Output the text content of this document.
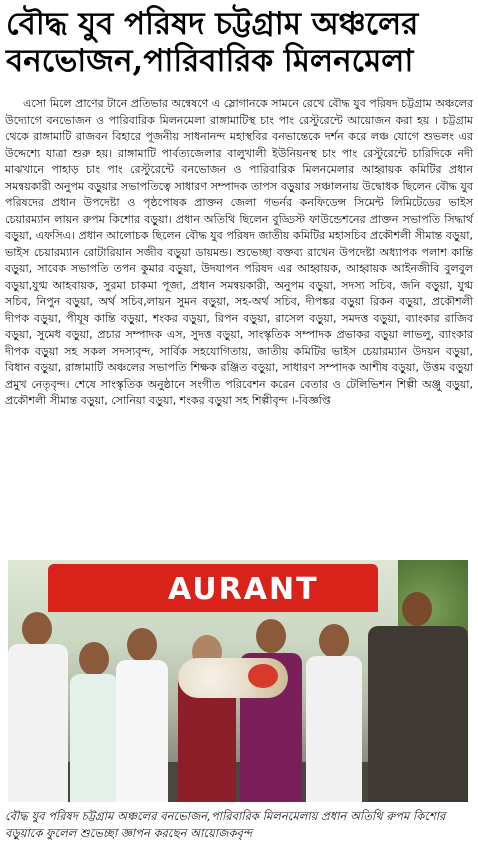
বৌদ্ধ যুব পরিষদ চট্টগ্রাম অঞ্চলের
বনভোজন,পারিবারিক মিলনমেলা

এসো মিলে প্রাণের টানে প্রতিভার অন্বেষণে এ স্লোগানকে সামনে রেখে বৌদ্ধ যুব পরিষদ চট্টগ্রাম অঞ্চলের উদ্যোগে বনভোজন ও পারিবারিক মিলনমেলা রাঙ্গামাটিস্থ চাং পাং রেস্টুরেন্টে আয়োজন করা হয় । চট্টগ্রাম থেকে রাঙ্গামাটি রাজবন বিহারে পূজনীয় সাধনানন্দ মহাস্থবির বনভান্তেকে দর্শন করে লঞ্চ যোগে শুভলং এর উদ্দেশ্যে যাত্রা শুরু হয়। রাঙ্গামাটি পার্বত্যজেলার বালুখালী ইউনিয়নস্থ চাং পাং রেস্টুরেন্টে চারিদিকে নদী মাঝখানে পাহাড় চাং পাং রেস্টুরেন্টে বনভোজন ও পারিবারিক মিলনমেলার আহ্বায়ক কমিটির প্রধান সমন্বয়কারী অনুপম বড়ুয়ার সভাপতিত্বে সাধারণ সম্পাদক তাপস বড়ুয়ার সঞ্চালনায় উদ্বোধক ছিলেন বৌদ্ধ যুব পরিষদের প্রধান উপদেষ্টা ও পৃষ্ঠপোষক প্রাক্তন জেলা গভর্নর কনফিডেন্স সিমেন্ট লিমিটেডের ভাইস চেয়ারম্যান লায়ন রুপম কিশোর বড়ুয়া। প্রধান অতিথি ছিলেন বুড্ডিস্ট ফাউন্ডেশনের প্রাক্তন সভাপতি সিদ্ধার্থ বড়ুয়া, এফসিএ। প্রধান আলোচক ছিলেন বৌদ্ধ যুব পরিষদ জাতীয় কমিটির মহাসচিব প্রকৌশলী সীমান্ত বড়ুয়া, ভাইস চেয়ারম্যান রোটারিয়ান সজীব বড়ুয়া ডায়মন্ড। শুভেচ্ছা বক্তব্য রাখেন উপদেষ্টা অধ্যাপক পলাশ কান্তি বড়ুয়া, সাবেক সভাপতি তপন কুমার বড়ুয়া, উদযাপন পরিষদ এর আহ্বায়ক, আহ্বায়ক আইনজীবি বুলবুল বড়ুয়া,যুগ্ম আহবায়ক, সুরমা চাকমা পূজা, প্রধান সমন্বয়কারী, অনুপম বড়ুয়া, সদস্য সচিব, জনি বড়ুয়া, যুগ্ম সচিব, নিপুন বড়ুয়া, অর্থ সচিব,লায়ন সুমন বড়ুয়া, সহ-অর্থ সচিব, দীপঙ্কর বড়ুয়া রিকন বড়ুয়া, প্রকৌশলী দীপক বড়ুয়া, পীযূষ কান্তি বড়ুয়া, শংকর বড়ুয়া, রিপন বড়ুয়া, রাসেল বড়ুয়া, সমদত্ত বড়ুয়া, ব্যাংকার রাজিব বড়ুয়া, সুমেধ বড়ুয়া, প্রচার সম্পাদক এস, সুদত্ত বড়ুয়া, সাংস্কৃতিক সম্পাদক প্রভাকর বড়ুয়া লাভলু, ব্যাংকার দীপক বড়ুয়া সহ সকল সদস্যবৃন্দ, সার্বিক সহযোগিতায়, জাতীয় কমিটির ভাইস চেয়ারম্যান উদয়ন বড়ুয়া, বিধান বড়ুয়া, রাঙ্গামাটি অঞ্চলের সভাপতি শিক্ষক রঞ্জিত বড়ুয়া, সাধারণ সম্পাদক আশীষ বড়ুয়া, উত্তম বড়ুয়া প্রমুখ নেতৃবৃন্দ। শেষে সাংস্কৃতিক অনুষ্ঠানে সংগীত পরিবেশন করেন বেতার ও টেলিভিশন শিল্পী অঞ্জু বড়ুয়া, প্রকৌশলী সীমান্ত বড়ুয়া, সোনিয়া বড়ুয়া, শংকর বড়ুয়া সহ শিল্পীবৃন্দ ।-বিজ্ঞপ্তি

AURANT

বৌদ্ধ যুব পরিষদ চট্টগ্রাম অঞ্চলের বনভোজন,পারিবারিক মিলনমেলায় প্রধান অতিথি রুপম কিশোর বড়ুয়াকে ফুলেল শুভেচ্ছা জ্ঞাপন করছেন আয়োজকবৃন্দ
